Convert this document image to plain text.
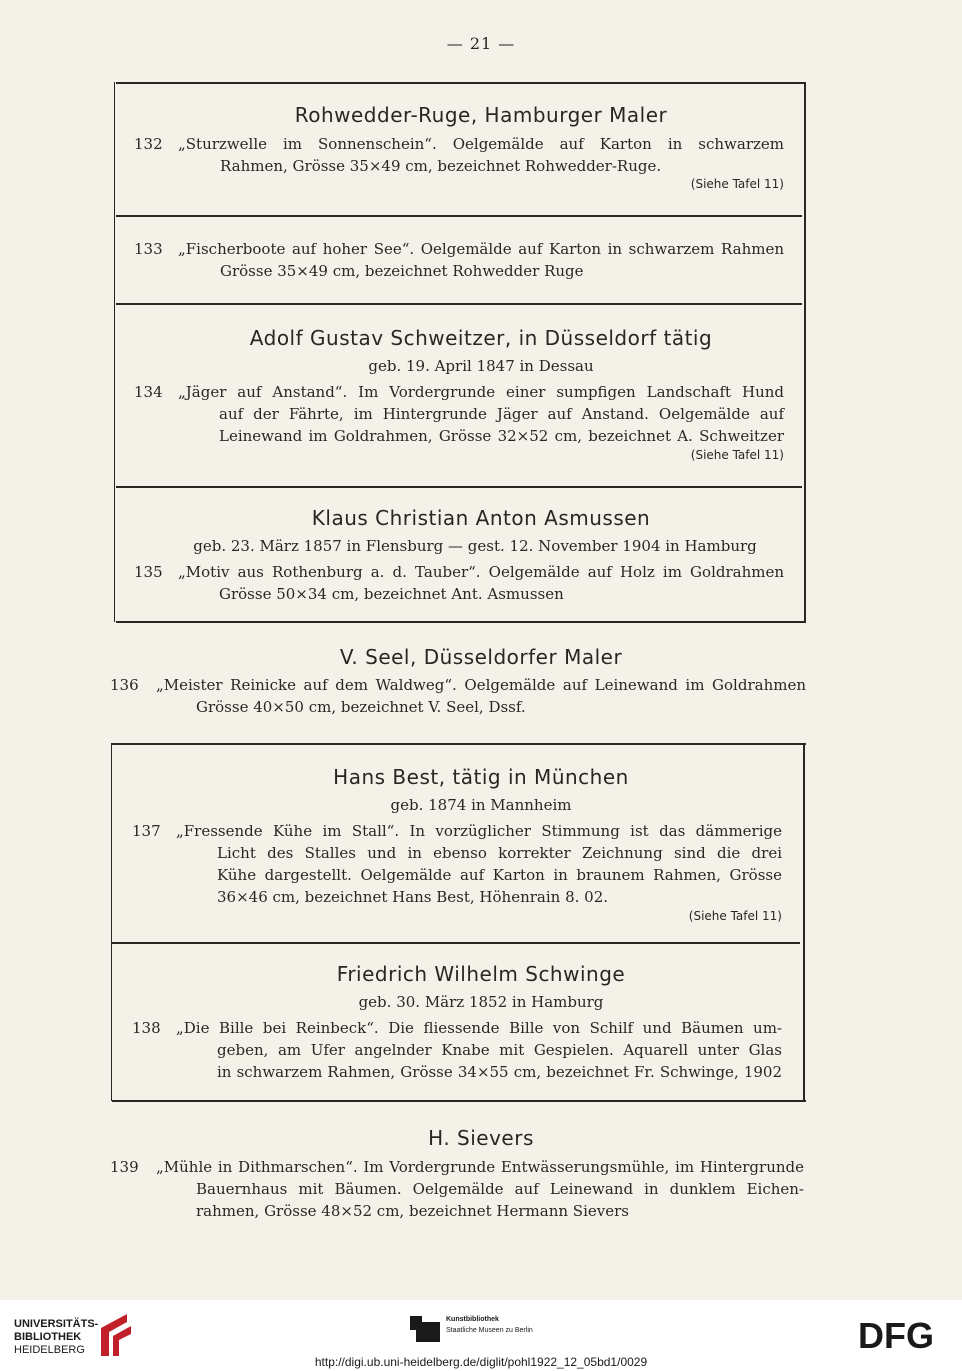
— 21 —
Rohwedder-Ruge, Hamburger Maler
132	„Sturzwelle im Sonnenschein“. Oelgemälde auf Karton in schwarzem
Rahmen, Grösse 35×49 cm, bezeichnet Rohwedder-Ruge.
(Siehe Tafel 11)
133	„Fischerboote auf hoher See“. Oelgemälde auf Karton in schwarzem Rahmen
Grösse 35×49 cm, bezeichnet Rohwedder Ruge
Adolf Gustav Schweitzer, in Düsseldorf tätig
geb. 19. April 1847 in Dessau
134	„Jäger auf Anstand“. Im Vordergrunde einer sumpfigen Landschaft Hund
auf der Fährte, im Hintergrunde Jäger auf Anstand. Oelgemälde auf
Leinewand im Goldrahmen, Grösse 32×52 cm, bezeichnet A. Schweitzer
(Siehe Tafel 11)
Klaus Christian Anton Asmussen
geb. 23. März 1857 in Flensburg — gest. 12. November 1904 in Hamburg
135	„Motiv aus Rothenburg a. d. Tauber“. Oelgemälde auf Holz im Goldrahmen
Grösse 50×34 cm, bezeichnet Ant. Asmussen
V. Seel, Düsseldorfer Maler
136	„Meister Reinicke auf dem Waldweg“. Oelgemälde auf Leinewand im Goldrahmen
Grösse 40×50 cm, bezeichnet V. Seel, Dssf.
Hans Best, tätig in München
geb. 1874 in Mannheim
137	„Fressende Kühe im Stall“. In vorzüglicher Stimmung ist das dämmerige
Licht des Stalles und in ebenso korrekter Zeichnung sind die drei
Kühe dargestellt. Oelgemälde auf Karton in braunem Rahmen, Grösse
36×46 cm, bezeichnet Hans Best, Höhenrain 8. 02.
(Siehe Tafel 11)
Friedrich Wilhelm Schwinge
geb. 30. März 1852 in Hamburg
138	„Die Bille bei Reinbeck“. Die fliessende Bille von Schilf und Bäumen um-
geben, am Ufer angelnder Knabe mit Gespielen. Aquarell unter Glas
in schwarzem Rahmen, Grösse 34×55 cm, bezeichnet Fr. Schwinge, 1902
H. Sievers
139	„Mühle in Dithmarschen“. Im Vordergrunde Entwässerungsmühle, im Hintergrunde
Bauernhaus mit Bäumen. Oelgemälde auf Leinewand in dunklem Eichen-
rahmen, Grösse 48×52 cm, bezeichnet Hermann Sievers
UNIVERSITÄTS-
BIBLIOTHEK
HEIDELBERG
Kunstbibliothek
Staatliche Museen zu Berlin	DFG
http://digi.ub.uni-heidelberg.de/diglit/pohl1922_12_05bd1/0029
